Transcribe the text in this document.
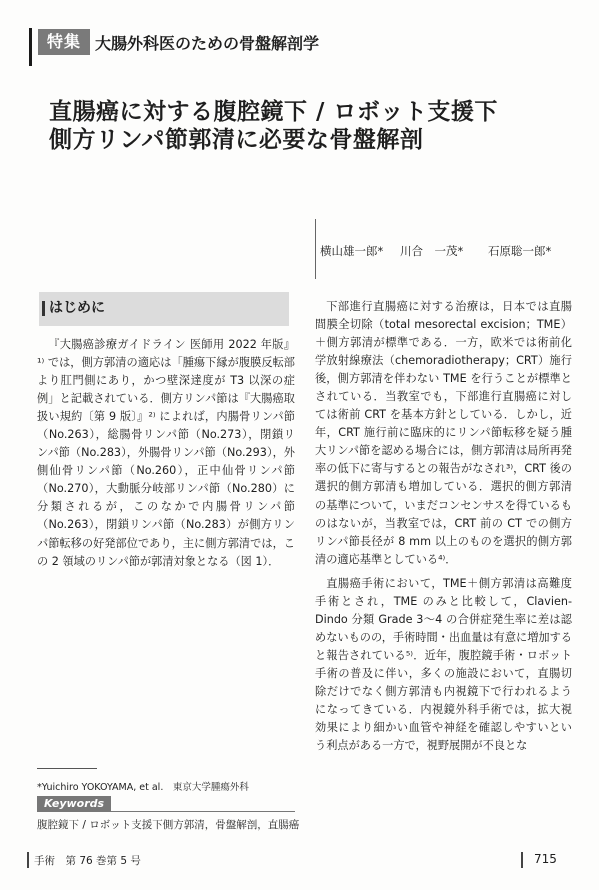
特集 大腸外科医のための骨盤解剖学
直腸癌に対する腹腔鏡下 / ロボット支援下
側方リンパ節郭清に必要な骨盤解剖
横山雄一郎* 川合　一茂* 石原聡一郎*
はじめに

『大腸癌診療ガイドライン 医師用 2022 年版』¹⁾ では，側方郭清の適応は「腫瘍下縁が腹膜反転部より肛門側にあり，かつ壁深達度が T3 以深の症例」と記載されている．側方リンパ節は『大腸癌取扱い規約〔第 9 版〕』²⁾ によれば，内腸骨リンパ節（No.263），総腸骨リンパ節（No.273），閉鎖リンパ節（No.283），外腸骨リンパ節（No.293），外側仙骨リンパ節（No.260），正中仙骨リンパ節（No.270），大動脈分岐部リンパ節（No.280）に分類されるが，このなかで内腸骨リンパ節（No.263），閉鎖リンパ節（No.283）が側方リンパ節転移の好発部位であり，主に側方郭清では，この 2 領域のリンパ節が郭清対象となる（図 1）．

下部進行直腸癌に対する治療は，日本では直腸間膜全切除（total mesorectal excision；TME）＋側方郭清が標準である．一方，欧米では術前化学放射線療法（chemoradiotherapy；CRT）施行後，側方郭清を伴わない TME を行うことが標準とされている．当教室でも，下部進行直腸癌に対しては術前 CRT を基本方針としている．しかし，近年，CRT 施行前に臨床的にリンパ節転移を疑う腫大リンパ節を認める場合には，側方郭清は局所再発率の低下に寄与するとの報告がなされ³⁾，CRT 後の選択的側方郭清も増加している．選択的側方郭清の基準について，いまだコンセンサスを得ているものはないが，当教室では，CRT 前の CT での側方リンパ節長径が 8 mm 以上のものを選択的側方郭清の適応基準としている⁴⁾．

直腸癌手術において，TME＋側方郭清は高難度手術とされ，TME のみと比較して，Clavien-Dindo 分類 Grade 3～4 の合併症発生率に差は認めないものの，手術時間・出血量は有意に増加すると報告されている⁵⁾．近年，腹腔鏡手術・ロボット手術の普及に伴い，多くの施設において，直腸切除だけでなく側方郭清も内視鏡下で行われるようになってきている．内視鏡外科手術では，拡大視効果により細かい血管や神経を確認しやすいという利点がある一方で，視野展開が不良とな

*Yuichiro YOKOYAMA, et al.　東京大学腫瘍外科
Keywords
腹腔鏡下 / ロボット支援下側方郭清，骨盤解剖，直腸癌
手術　第 76 巻第 5 号	715
